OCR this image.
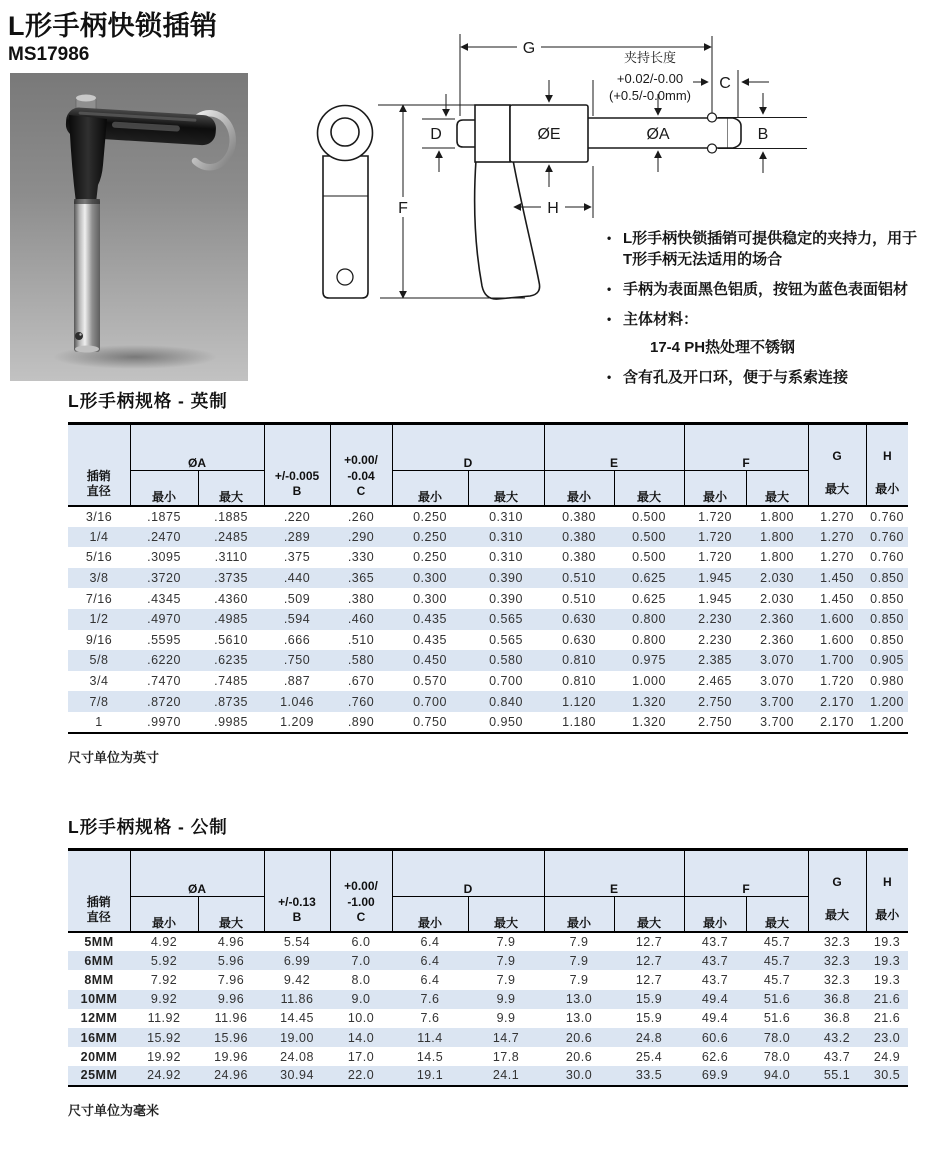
L形手柄快锁插销
MS17986	G
C
D	ØE	ØA	B
F	H
夹持长度
+0.02/-0.00
(+0.5/-0.0mm)
• L形手柄快锁插销可提供稳定的夹持力，用于T形手柄无法适用的场合
• 手柄为表面黑色铝质，按钮为蓝色表面铝材
• 主体材料：
17-4 PH热处理不锈钢
• 含有孔及开口环，便于与系索连接
L形手柄规格 - 英制
插销
直径
	ØA	
+/-0.005
B

+0.00/
-0.04
C
	D	E	F	
G
最大

H
最小

	最小	最大			最小	最大	最小	最大	最小	最大		
3/16	.1875	.1885	.220	.260	0.250	0.310	0.380	0.500	1.720	1.800	1.270	0.760
1/4	.2470	.2485	.289	.290	0.250	0.310	0.380	0.500	1.720	1.800	1.270	0.760
5/16	.3095	.3110	.375	.330	0.250	0.310	0.380	0.500	1.720	1.800	1.270	0.760
3/8	.3720	.3735	.440	.365	0.300	0.390	0.510	0.625	1.945	2.030	1.450	0.850
7/16	.4345	.4360	.509	.380	0.300	0.390	0.510	0.625	1.945	2.030	1.450	0.850
1/2	.4970	.4985	.594	.460	0.435	0.565	0.630	0.800	2.230	2.360	1.600	0.850
9/16	.5595	.5610	.666	.510	0.435	0.565	0.630	0.800	2.230	2.360	1.600	0.850
5/8	.6220	.6235	.750	.580	0.450	0.580	0.810	0.975	2.385	3.070	1.700	0.905
3/4	.7470	.7485	.887	.670	0.570	0.700	0.810	1.000	2.465	3.070	1.720	0.980
7/8	.8720	.8735	1.046	.760	0.700	0.840	1.120	1.320	2.750	3.700	2.170	1.200
1	.9970	.9985	1.209	.890	0.750	0.950	1.180	1.320	2.750	3.700	2.170	1.200
尺寸单位为英寸
L形手柄规格 - 公制
插销
直径
	ØA	
+/-0.13
B

+0.00/
-1.00
C
	D	E	F	
G
最大

H
最小

	最小	最大			最小	最大	最小	最大	最小	最大		
5MM	4.92	4.96	5.54	6.0	6.4	7.9	7.9	12.7	43.7	45.7	32.3	19.3
6MM	5.92	5.96	6.99	7.0	6.4	7.9	7.9	12.7	43.7	45.7	32.3	19.3
8MM	7.92	7.96	9.42	8.0	6.4	7.9	7.9	12.7	43.7	45.7	32.3	19.3
10MM	9.92	9.96	11.86	9.0	7.6	9.9	13.0	15.9	49.4	51.6	36.8	21.6
12MM	11.92	11.96	14.45	10.0	7.6	9.9	13.0	15.9	49.4	51.6	36.8	21.6
16MM	15.92	15.96	19.00	14.0	11.4	14.7	20.6	24.8	60.6	78.0	43.2	23.0
20MM	19.92	19.96	24.08	17.0	14.5	17.8	20.6	25.4	62.6	78.0	43.7	24.9
25MM	24.92	24.96	30.94	22.0	19.1	24.1	30.0	33.5	69.9	94.0	55.1	30.5
尺寸单位为毫米
